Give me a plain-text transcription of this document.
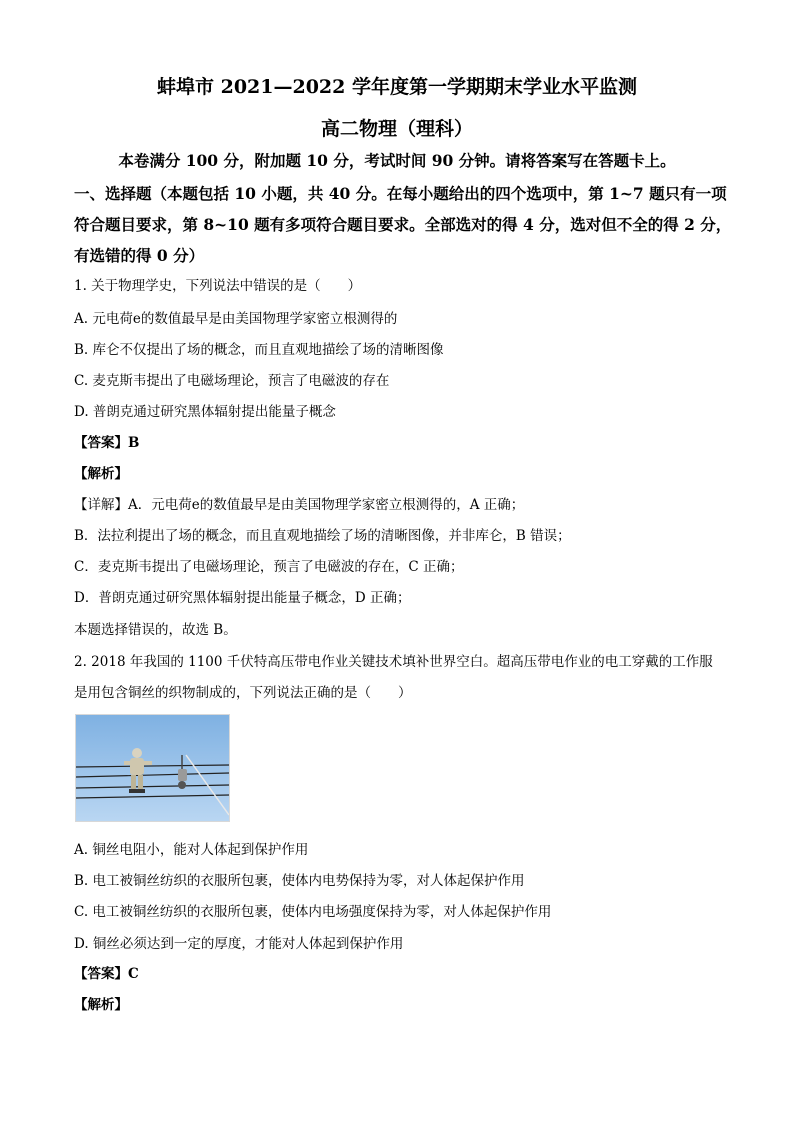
蚌埠市 2021—2022 学年度第一学期期末学业水平监测
高二物理（理科）
本卷满分 100 分，附加题 10 分，考试时间 90 分钟。请将答案写在答题卡上。
一、选择题（本题包括 10 小题，共 40 分。在每小题给出的四个选项中，第 1~7 题只有一项符合题目要求，第 8~10 题有多项符合题目要求。全部选对的得 4 分，选对但不全的得 2 分，有选错的得 0 分）
1. 关于物理学史，下列说法中错误的是（　　）
A. 元电荷e的数值最早是由美国物理学家密立根测得的
B. 库仑不仅提出了场的概念，而且直观地描绘了场的清晰图像
C. 麦克斯韦提出了电磁场理论，预言了电磁波的存在
D. 普朗克通过研究黑体辐射提出能量子概念
【答案】B
【解析】
【详解】A．元电荷e的数值最早是由美国物理学家密立根测得的，A 正确；
B．法拉利提出了场的概念，而且直观地描绘了场的清晰图像，并非库仑，B 错误；
C．麦克斯韦提出了电磁场理论，预言了电磁波的存在，C 正确；
D．普朗克通过研究黑体辐射提出能量子概念，D 正确；
本题选择错误的，故选 B。
2. 2018 年我国的 1100 千伏特高压带电作业关键技术填补世界空白。超高压带电作业的电工穿戴的工作服
是用包含铜丝的织物制成的，下列说法正确的是（　　）
A. 铜丝电阻小，能对人体起到保护作用
B. 电工被铜丝纺织的衣服所包裹，使体内电势保持为零，对人体起保护作用
C. 电工被铜丝纺织的衣服所包裹，使体内电场强度保持为零，对人体起保护作用
D. 铜丝必须达到一定的厚度，才能对人体起到保护作用
【答案】C
【解析】
